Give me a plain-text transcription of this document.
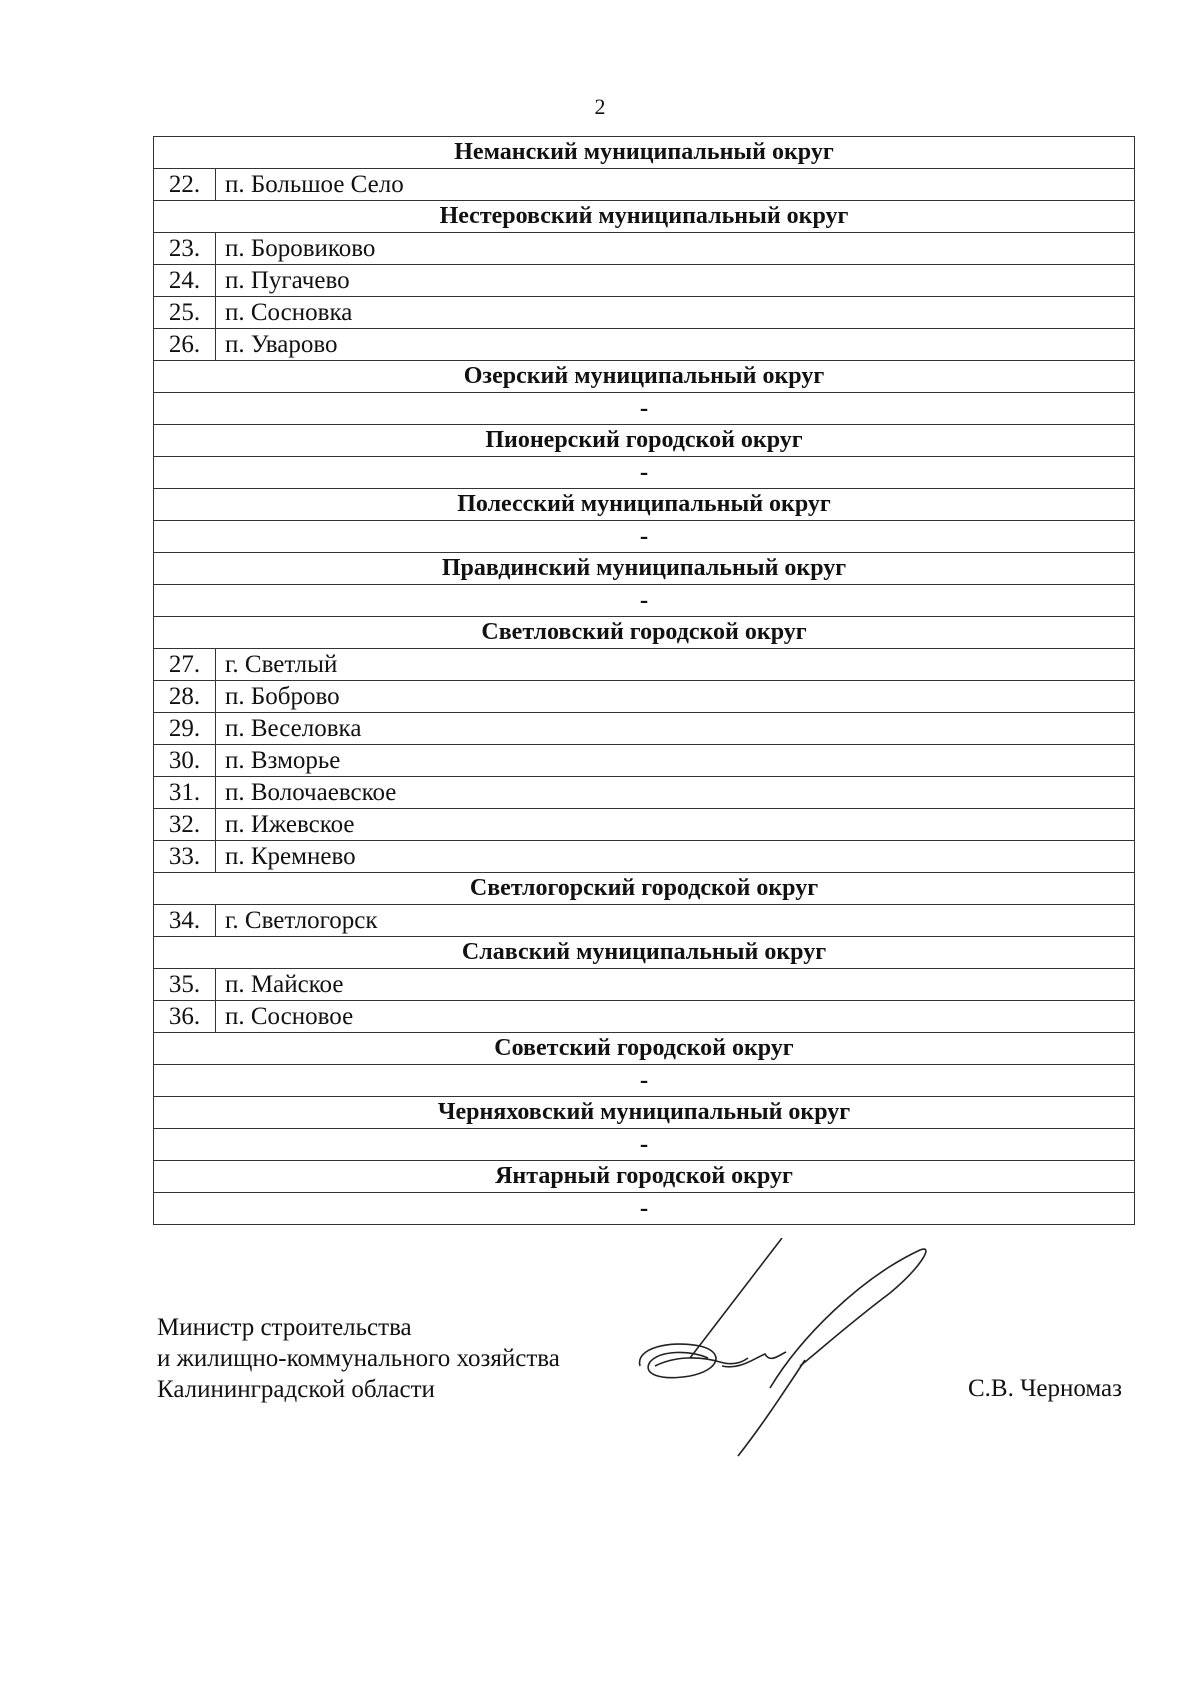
2
Неманский муниципальный округ	
22.	п. Большое Село
Нестеровский муниципальный округ	
23.	п. Боровиково
24.	п. Пугачево
25.	п. Сосновка
26.	п. Уварово
Озерский муниципальный округ	
-	
Пионерский городской округ	
-	
Полесский муниципальный округ	
-	
Правдинский муниципальный округ	
-	
Светловский городской округ	
27.	г. Светлый
28.	п. Боброво
29.	п. Веселовка
30.	п. Взморье
31.	п. Волочаевское
32.	п. Ижевское
33.	п. Кремнево
Светлогорский городской округ	
34.	г. Светлогорск
Славский муниципальный округ	
35.	п. Майское
36.	п. Сосновое
Советский городской округ	
-	
Черняховский муниципальный округ	
-	
Янтарный городской округ	
-	
Министр строительства
и жилищно-коммунального хозяйства
Калининградской области	С.В. Черномаз
